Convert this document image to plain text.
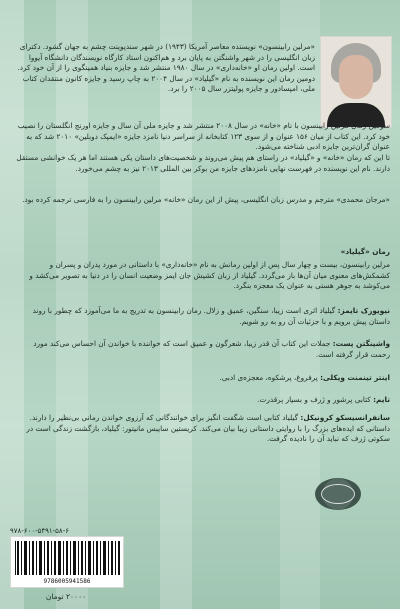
«مرلین رابینسون» نویسنده معاصر آمریکا (۱۹۴۳) در شهر سندپوینت چشم به جهان گشود. دکترای زبان انگلیسی را در شهر واشنگتن به پایان برد و هم‌اکنون استاد کارگاه نویسندگان دانشگاه آیووا است. اولین رمان او «خانه‌داری» در سال ۱۹۸۰ منتشر شد و جایزه بنیاد همینگوی را از آن خود کرد. دومین رمان این نویسنده به نام «گیلیاد» در سال ۲۰۰۴ به چاپ رسید و جایزه کانون منتقدان کتاب ملی، امپسادور و جایزه پولیتزر سال ۲۰۰۵ را برد.
سومین رمان مرلین رابینسون با نام «خانه» در سال ۲۰۰۸ منتشر شد و جایزه ملی آن سال و جایزه اورنج انگلستان را نصیب خود کرد. این کتاب از میان ۱۵۶ عنوان و از سوی ۱۲۳ کتابخانه از سراسر دنیا نامزد جایزه «ایمپک دوبلین» ۲۰۱۰ شد که به عنوان گران‌ترین جایزه ادبی شناخته می‌شود.
تا این که رمان «خانه» و «گیلیاد» در راستای هم پیش می‌روند و شخصیت‌های داستان یکی هستند اما هر یک خوانشی مستقل دارند. نام این نویسنده در فهرست نهایی نامزدهای جایزه من بوکر بین المللی ۲۰۱۳ نیز به چشم می‌خورد.
«مرجان محمدی» مترجم و مدرس زبان انگلیسی، پیش از این رمان «خانه» مرلین رابینسون را به فارسی ترجمه کرده بود.
رمان «گیلیاد»
مرلین رابینسون، بیست و چهار سال پس از اولین رمانش به نام «خانه‌داری» با داستانی در مورد پدران و پسران و کشمکش‌های معنوی میان آن‌ها باز می‌گردد. گیلیاد از زبان کشیش جان ایمز وضعیت انسان را در دنیا به تصویر می‌کشد و می‌کوشد به جوهر هستی به عنوان یک معجزه بنگرد.
نیویورک تایمز: گیلیاد اثری است زیبا، سنگین، عمیق و زلال. رمان رابینسون به تدریج به ما می‌آموزد که چطور با روند داستان پیش برویم و با جزئیات آن رو به رو شویم.
واشینگتن پست: جملات این کتاب آن قدر زیبا، شعرگون و عمیق است که خواننده با خواندن آن احساس می‌کند مورد رحمت قرار گرفته است.
اینتر تینمنت ویکلی: پرفروغ، پرشکوه، معجزه‌ی ادبی.
تایم: کتابی پرشور و ژرف و بسیار پرقدرت.
سانفرانسیسکو کرونیکل: گیلیاد کتابی است شگفت انگیز برای خوانندگانی که آرزوی خواندن رمانی بی‌نظیر را دارند. داستانی که ایده‌های بزرگ را با روایتی داستانی زیبا بیان می‌کند. کریستین سایبس مانیتور: گیلیاد، بازگشت زندگی است در سکوتی ژرف که نباید آن را نادیده گرفت.
۹۷۸-۶۰۰-۵۴۹۱-۵۸-۶
9786005941586
۲۰۰۰۰ تومان
